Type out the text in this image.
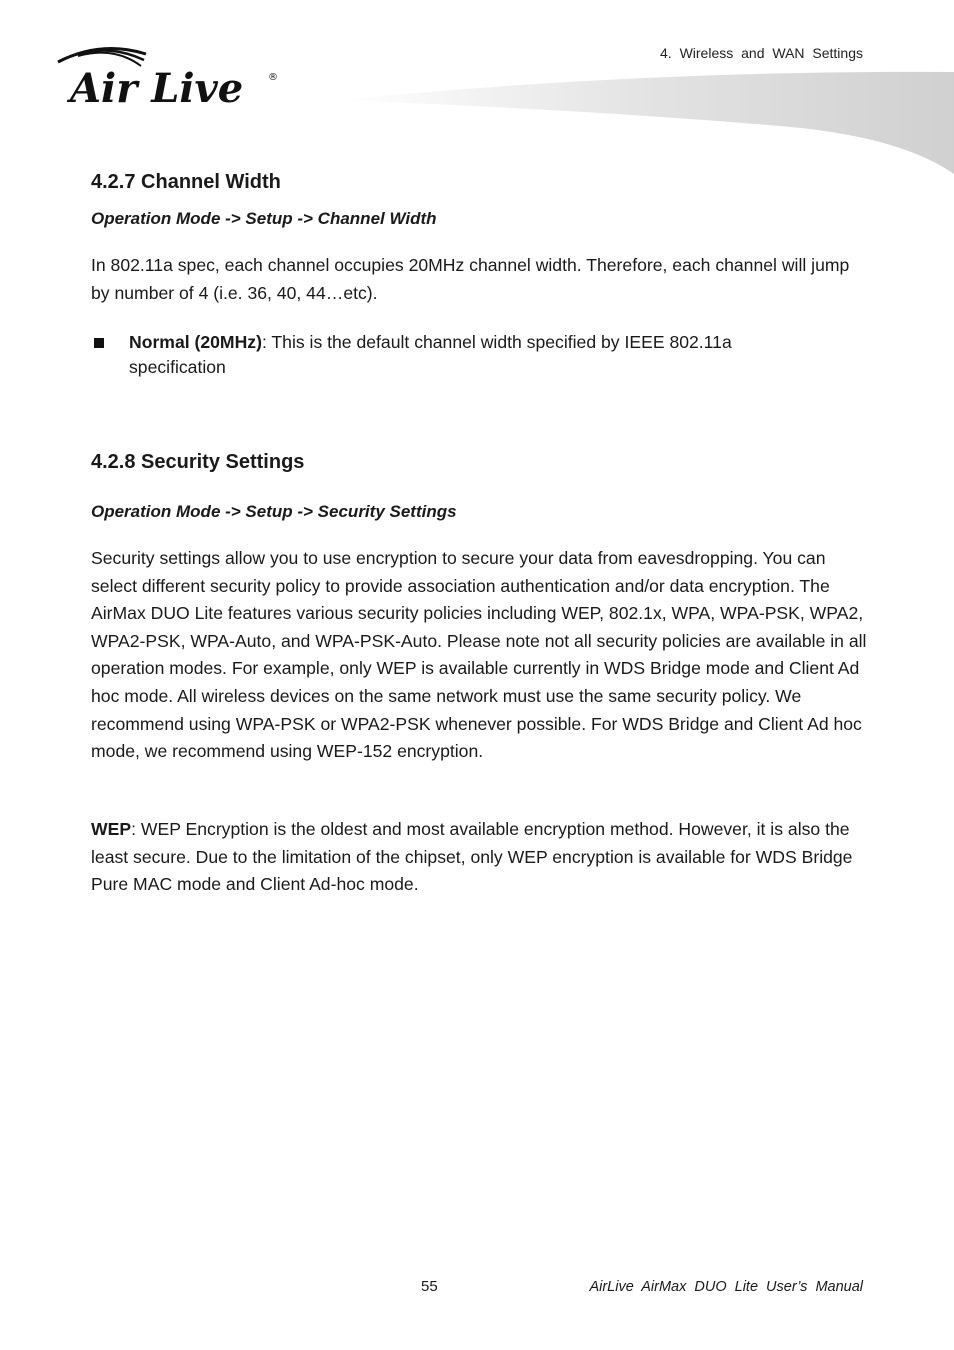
4. Wireless and WAN Settings
Air Live ®
4.2.7 Channel Width

Operation Mode -> Setup -> Channel Width

In 802.11a spec, each channel occupies 20MHz channel width. Therefore, each channel will jump by number of 4 (i.e. 36, 40, 44…etc).

Normal (20MHz): This is the default channel width specified by IEEE 802.11a specification
4.2.8 Security Settings

Operation Mode -> Setup -> Security Settings

Security settings allow you to use encryption to secure your data from eavesdropping. You can select different security policy to provide association authentication and/or data encryption. The AirMax DUO Lite features various security policies including WEP, 802.1x, WPA, WPA-PSK, WPA2, WPA2-PSK, WPA-Auto, and WPA-PSK-Auto. Please note not all security policies are available in all operation modes. For example, only WEP is available currently in WDS Bridge mode and Client Ad hoc mode. All wireless devices on the same network must use the same security policy. We recommend using WPA-PSK or WPA2-PSK whenever possible. For WDS Bridge and Client Ad hoc mode, we recommend using WEP-152 encryption.

WEP: WEP Encryption is the oldest and most available encryption method. However, it is also the least secure. Due to the limitation of the chipset, only WEP encryption is available for WDS Bridge Pure MAC mode and Client Ad-hoc mode.

55	AirLive AirMax DUO Lite User’s Manual
